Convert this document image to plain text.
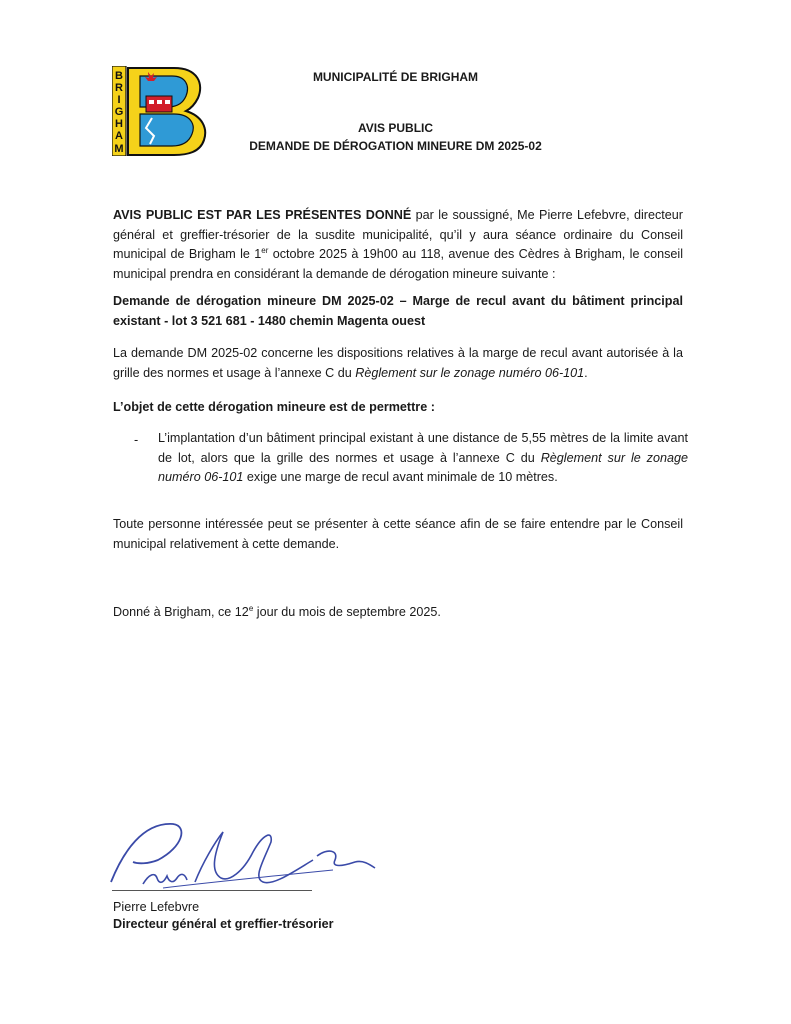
B
R
I
G
H
A
M
MUNICIPALITÉ DE BRIGHAM
AVIS PUBLIC
DEMANDE DE DÉROGATION MINEURE DM 2025-02

AVIS PUBLIC EST PAR LES PRÉSENTES DONNÉ par le soussigné, Me Pierre Lefebvre, directeur général et greffier-trésorier de la susdite municipalité, qu’il y aura séance ordinaire du Conseil municipal de Brigham le 1er octobre 2025 à 19h00 au 118, avenue des Cèdres à Brigham, le conseil municipal prendra en considérant la demande de dérogation mineure suivante :

Demande de dérogation mineure DM 2025-02 – Marge de recul avant du bâtiment principal existant - lot 3 521 681 - 1480 chemin Magenta ouest

La demande DM 2025-02 concerne les dispositions relatives à la marge de recul avant autorisée à la grille des normes et usage à l’annexe C du Règlement sur le zonage numéro 06-101.

L’objet de cette dérogation mineure est de permettre :

-	L’implantation d’un bâtiment principal existant à une distance de 5,55 mètres de la limite avant de lot, alors que la grille des normes et usage à l’annexe C du Règlement sur le zonage numéro 06-101 exige une marge de recul avant minimale de 10 mètres.

Toute personne intéressée peut se présenter à cette séance afin de se faire entendre par le Conseil municipal relativement à cette demande.

Donné à Brigham, ce 12e jour du mois de septembre 2025.

Pierre Lefebvre
Directeur général et greffier-trésorier
